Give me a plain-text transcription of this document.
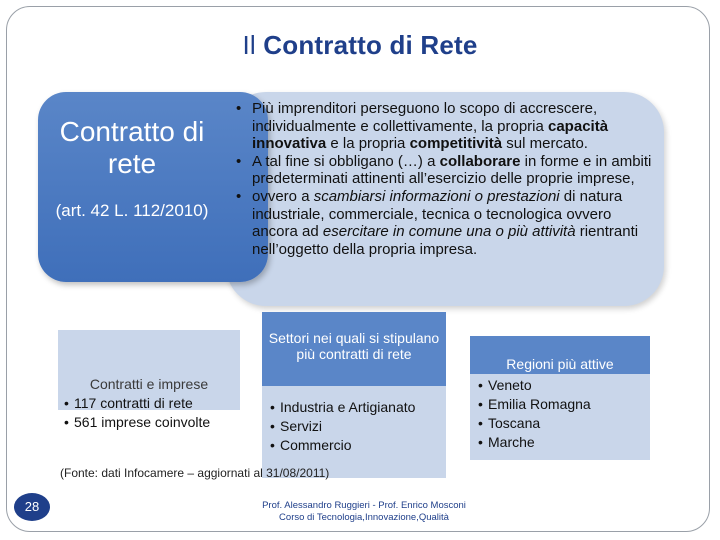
Il Contratto di Rete
Contratto di rete
(art. 42 L. 112/2010)
• Più imprenditori perseguono lo scopo di accrescere, individualmente e collettivamente, la propria capacità innovativa e la propria competitività sul mercato.
• A tal fine si obbligano (…) a collaborare in forme e in ambiti predeterminati attinenti all’esercizio delle proprie imprese,
• ovvero a scambiarsi informazioni o prestazioni di natura industriale, commerciale, tecnica o tecnologica ovvero ancora ad esercitare in comune una o più attività rientranti nell’oggetto della propria impresa.
Contratti e imprese
• 117 contratti di rete
• 561 imprese coinvolte
Settori nei quali si stipulano più contratti di rete
• Industria e Artigianato
• Servizi
• Commercio
Regioni più attive
• Veneto
• Emilia Romagna
• Toscana
• Marche
(Fonte: dati Infocamere – aggiornati al 31/08/2011)
28	Prof. Alessandro Ruggieri - Prof. Enrico Mosconi
Corso di Tecnologia,Innovazione,Qualità
